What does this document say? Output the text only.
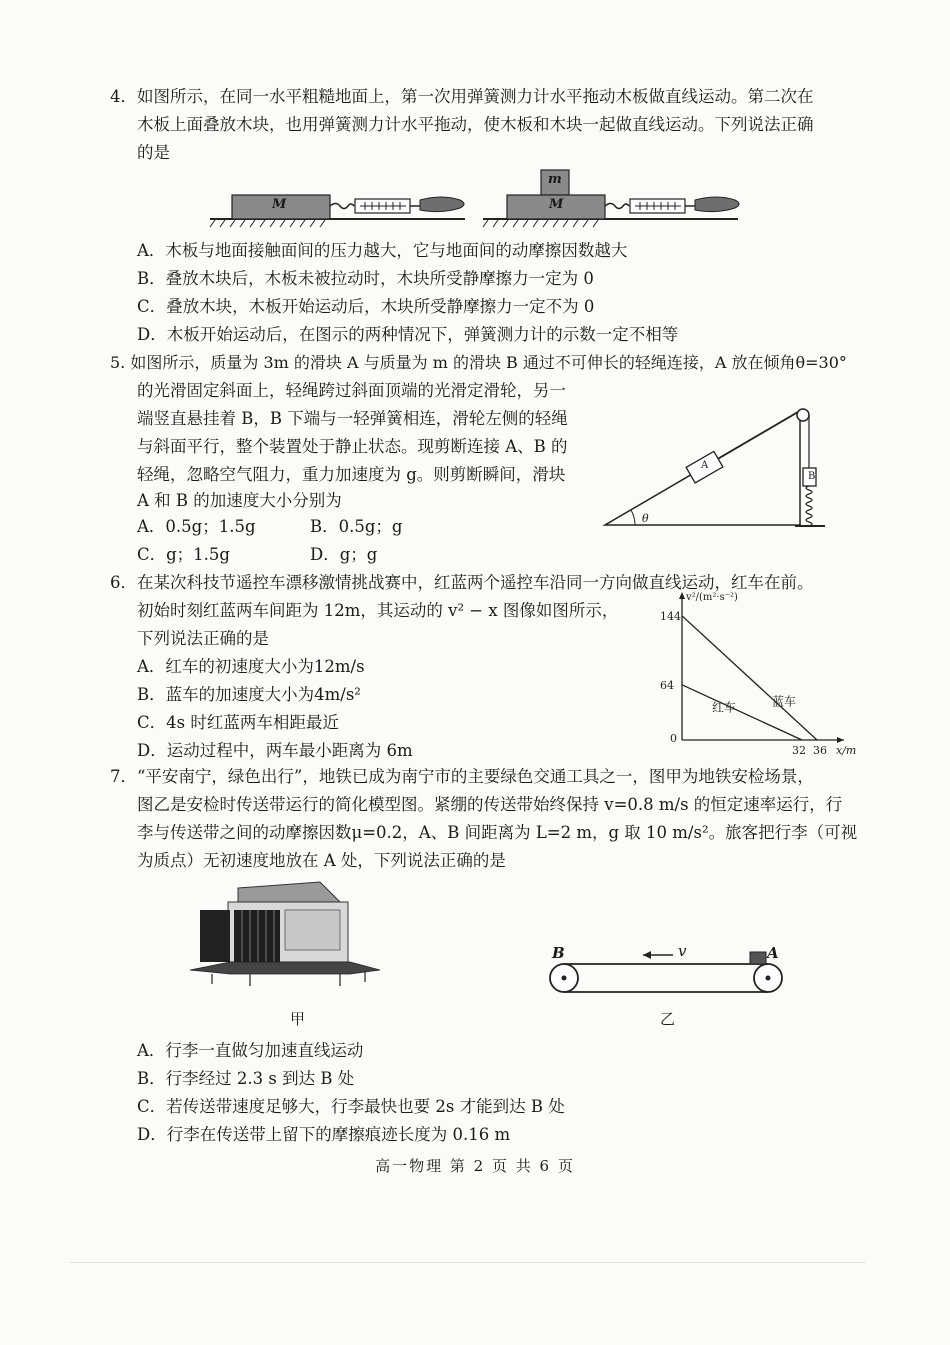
4．如图所示，在同一水平粗糙地面上，第一次用弹簧测力计水平拖动木板做直线运动。第二次在
木板上面叠放木块，也用弹簧测力计水平拖动，使木板和木块一起做直线运动。下列说法正确
的是
M
m
M
A．木板与地面接触面间的压力越大，它与地面间的动摩擦因数越大
B．叠放木块后，木板未被拉动时，木块所受静摩擦力一定为 0
C．叠放木块，木板开始运动后，木块所受静摩擦力一定不为 0
D．木板开始运动后，在图示的两种情况下，弹簧测力计的示数一定不相等
5. 如图所示，质量为 3m 的滑块 A 与质量为 m 的滑块 B 通过不可伸长的轻绳连接，A 放在倾角θ=30°
的光滑固定斜面上，轻绳跨过斜面顶端的光滑定滑轮，另一
端竖直悬挂着 B，B 下端与一轻弹簧相连，滑轮左侧的轻绳
与斜面平行，整个装置处于静止状态。现剪断连接 A、B 的
轻绳，忽略空气阻力，重力加速度为 g。则剪断瞬间，滑块
A 和 B 的加速度大小分别为
A．0.5g；1.5g	B．0.5g；g
C．g；1.5g	D．g；g
A
B
θ
6．在某次科技节遥控车漂移激情挑战赛中，红蓝两个遥控车沿同一方向做直线运动，红车在前。
初始时刻红蓝两车间距为 12m，其运动的 v² − x 图像如图所示，
下列说法正确的是
A．红车的初速度大小为12m/s
B．蓝车的加速度大小为4m/s²
C．4s 时红蓝两车相距最近
D．运动过程中，两车最小距离为 6m
v²/(m²·s⁻²)
x/m
0
64
144
32 36
红车	蓝车
7．“平安南宁，绿色出行”，地铁已成为南宁市的主要绿色交通工具之一，图甲为地铁安检场景，
图乙是安检时传送带运行的简化模型图。紧绷的传送带始终保持 v=0.8 m/s 的恒定速率运行，行
李与传送带之间的动摩擦因数μ=0.2，A、B 间距离为 L=2 m，g 取 10 m/s²。旅客把行李（可视
为质点）无初速度地放在 A 处，下列说法正确的是
甲
B	A
v
乙
A．行李一直做匀加速直线运动
B．行李经过 2.3 s 到达 B 处
C．若传送带速度足够大，行李最快也要 2s 才能到达 B 处
D．行李在传送带上留下的摩擦痕迹长度为 0.16 m
高一物理 第 2 页 共 6 页
